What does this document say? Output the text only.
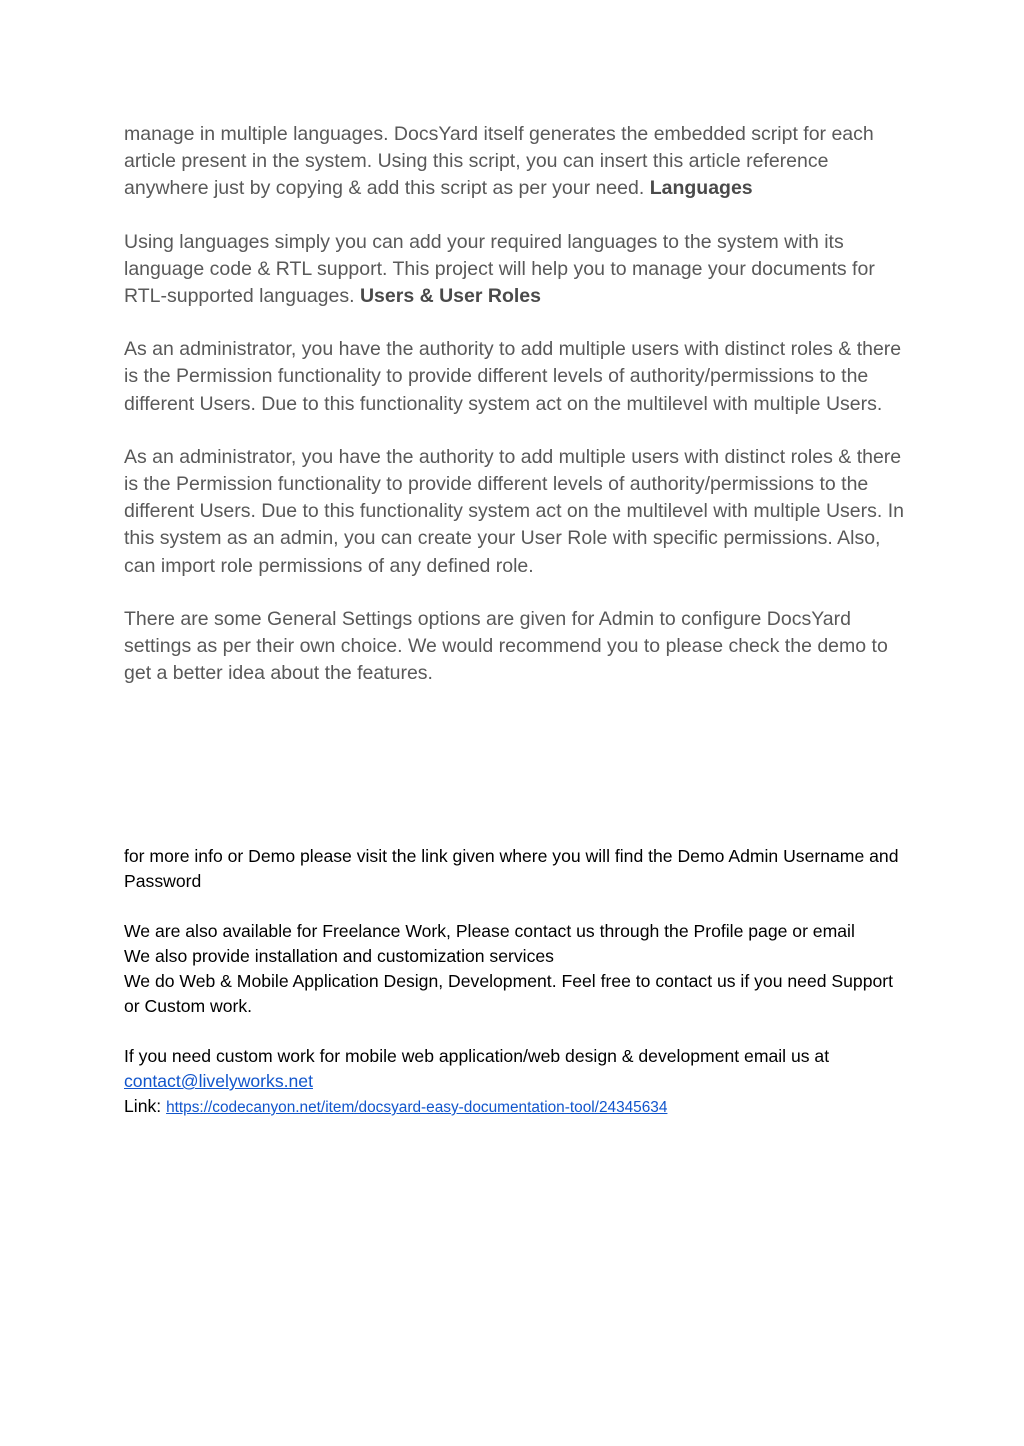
manage in multiple languages. DocsYard itself generates the embedded script for each article present in the system. Using this script, you can insert this article reference anywhere just by copying & add this script as per your need. Languages

Using languages simply you can add your required languages to the system with its language code & RTL support. This project will help you to manage your documents for RTL-supported languages. Users & User Roles

As an administrator, you have the authority to add multiple users with distinct roles & there is the Permission functionality to provide different levels of authority/permissions to the different Users. Due to this functionality system act on the multilevel with multiple Users.

As an administrator, you have the authority to add multiple users with distinct roles & there is the Permission functionality to provide different levels of authority/permissions to the different Users. Due to this functionality system act on the multilevel with multiple Users. In this system as an admin, you can create your User Role with specific permissions. Also, can import role permissions of any defined role.

There are some General Settings options are given for Admin to configure DocsYard settings as per their own choice. We would recommend you to please check the demo to get a better idea about the features.

for more info or Demo please visit the link given where you will find the Demo Admin Username and Password

We are also available for Freelance Work, Please contact us through the Profile page or email

We also provide installation and customization services

We do Web & Mobile Application Design, Development. Feel free to contact us if you need Support or Custom work.

If you need custom work for mobile web application/web design & development email us at

contact@livelyworks.net

Link: https://codecanyon.net/item/docsyard-easy-documentation-tool/24345634
